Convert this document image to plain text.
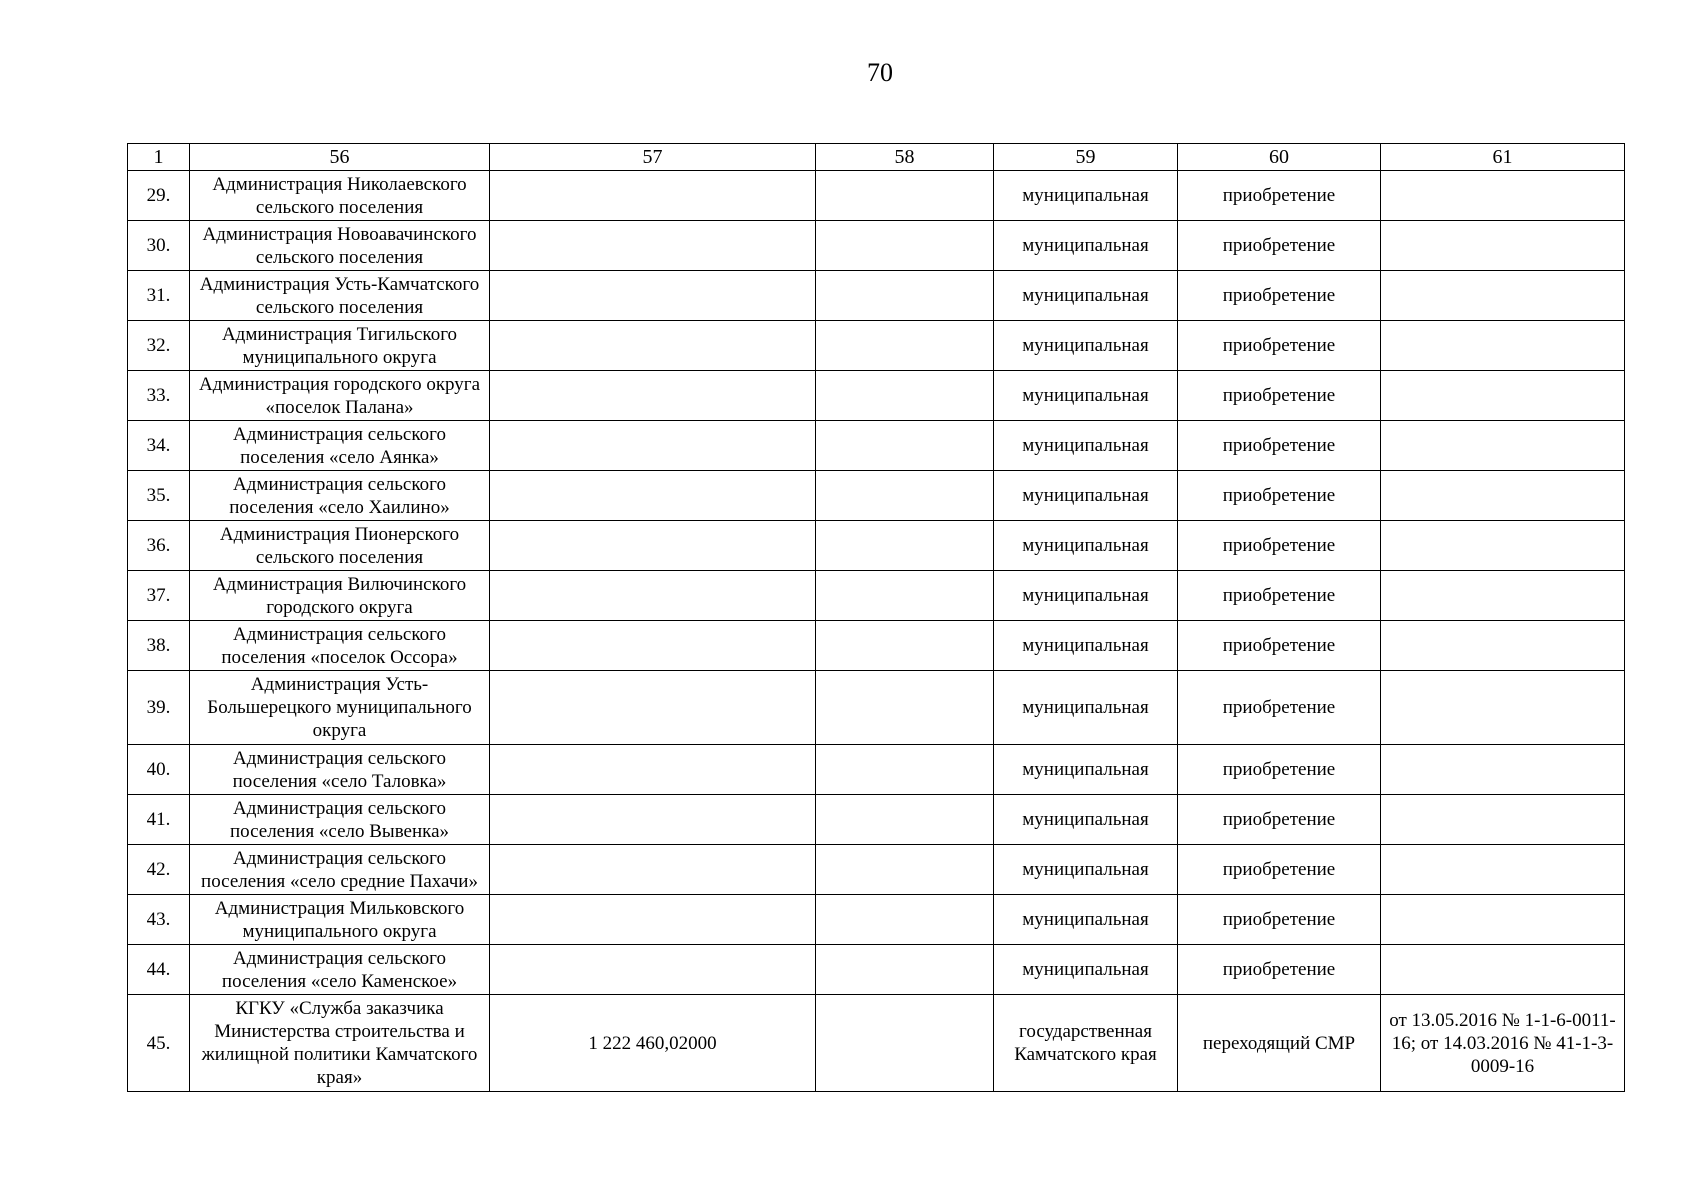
70
1	56	57	58	59	60	61
29.	Администрация Николаевского сельского поселения			муниципальная	приобретение	
30.	Администрация Новоавачинского сельского поселения			муниципальная	приобретение	
31.	Администрация Усть-Камчатского сельского поселения			муниципальная	приобретение	
32.	Администрация Тигильского муниципального округа			муниципальная	приобретение	
33.	Администрация городского округа «поселок Палана»			муниципальная	приобретение	
34.	Администрация сельского поселения «село Аянка»			муниципальная	приобретение	
35.	Администрация сельского поселения «село Хаилино»			муниципальная	приобретение	
36.	Администрация Пионерского сельского поселения			муниципальная	приобретение	
37.	Администрация Вилючинского городского округа			муниципальная	приобретение	
38.	Администрация сельского поселения «поселок Оссора»			муниципальная	приобретение	
39.	Администрация Усть-Большерецкого муниципального округа			муниципальная	приобретение	
40.	Администрация сельского поселения «село Таловка»			муниципальная	приобретение	
41.	Администрация сельского поселения «село Вывенка»			муниципальная	приобретение	
42.	Администрация сельского поселения «село средние Пахачи»			муниципальная	приобретение	
43.	Администрация Мильковского муниципального округа			муниципальная	приобретение	
44.	Администрация сельского поселения «село Каменское»			муниципальная	приобретение	
45.	КГКУ «Служба заказчика Министерства строительства и жилищной политики Камчатского края»	1 222 460,02000		государственная Камчатского края	переходящий СМР	от 13.05.2016 № 1-1-6-0011-16; от 14.03.2016 № 41-1-3-0009-16
